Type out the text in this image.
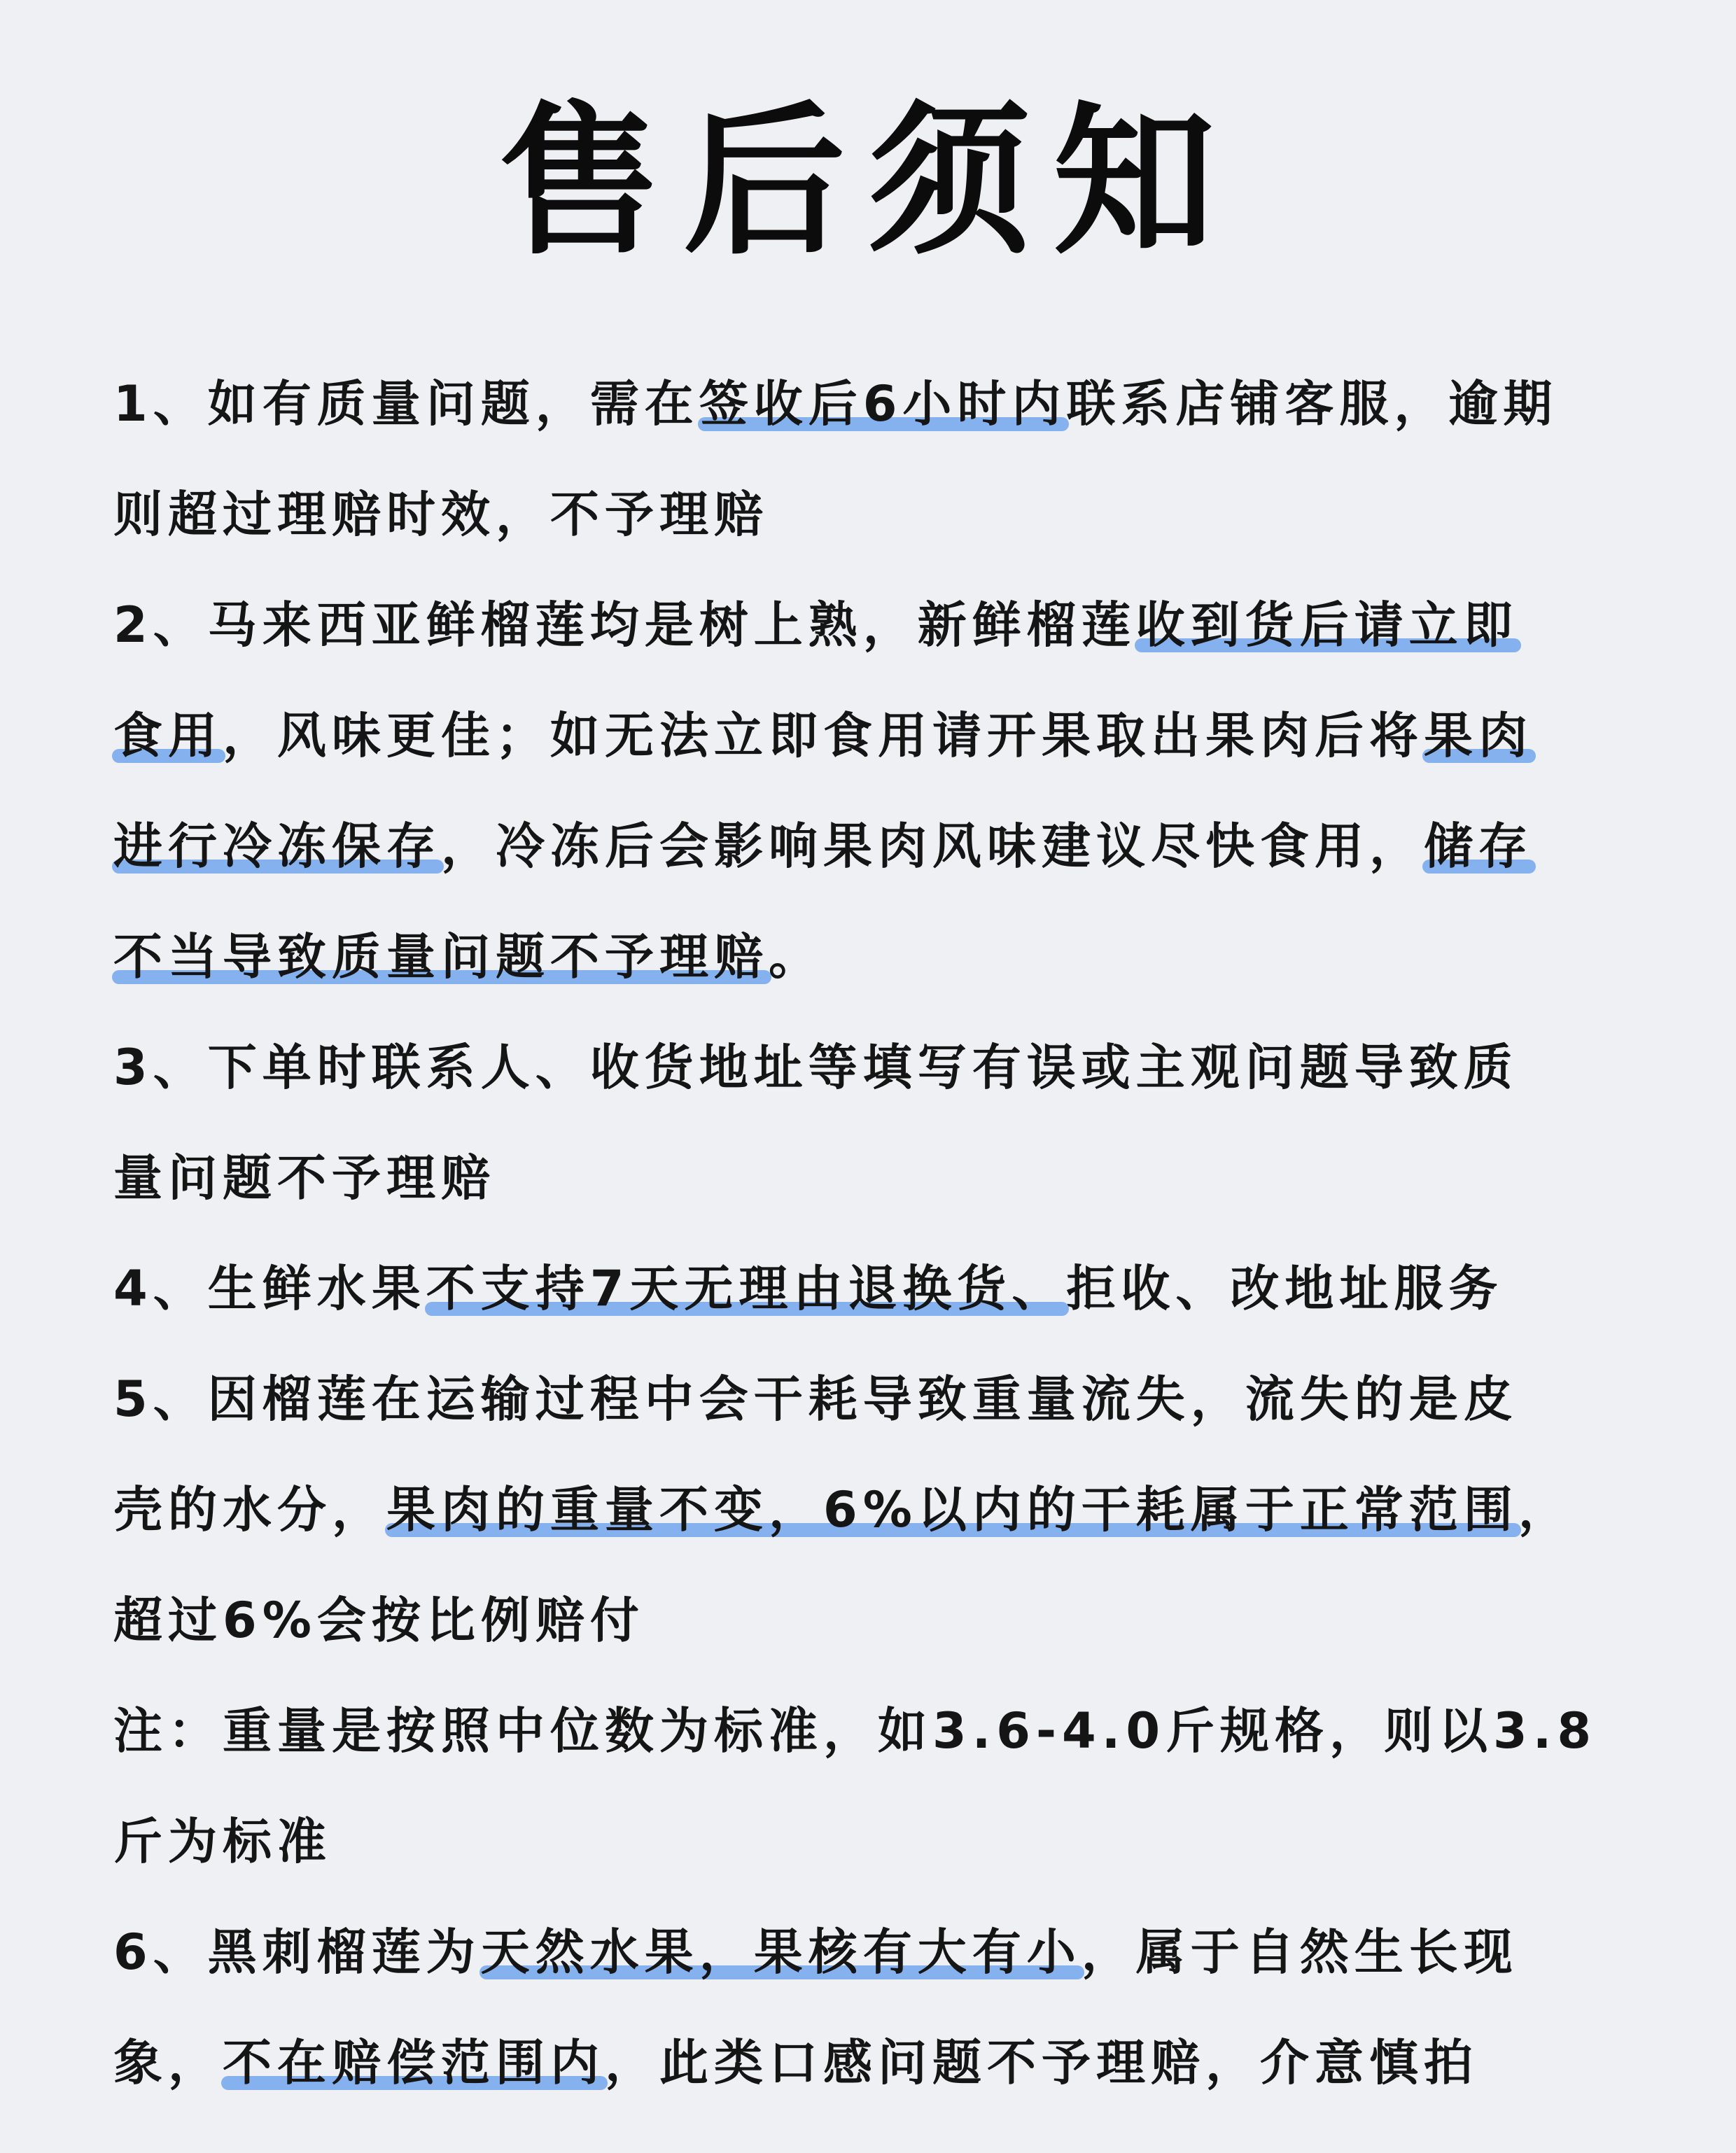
售后须知
1、如有质量问题，需在签收后6小时内联系店铺客服，逾期
则超过理赔时效，不予理赔
2、马来西亚鲜榴莲均是树上熟，新鲜榴莲收到货后请立即
食用，风味更佳；如无法立即食用请开果取出果肉后将果肉
进行冷冻保存，冷冻后会影响果肉风味建议尽快食用，储存
不当导致质量问题不予理赔。
3、下单时联系人、收货地址等填写有误或主观问题导致质
量问题不予理赔
4、生鲜水果不支持7天无理由退换货、拒收、改地址服务
5、因榴莲在运输过程中会干耗导致重量流失，流失的是皮
壳的水分，果肉的重量不变，6%以内的干耗属于正常范围，
超过6%会按比例赔付
注：重量是按照中位数为标准，如3.6-4.0斤规格，则以3.8
斤为标准
6、黑刺榴莲为天然水果，果核有大有小，属于自然生长现
象，不在赔偿范围内，此类口感问题不予理赔，介意慎拍
